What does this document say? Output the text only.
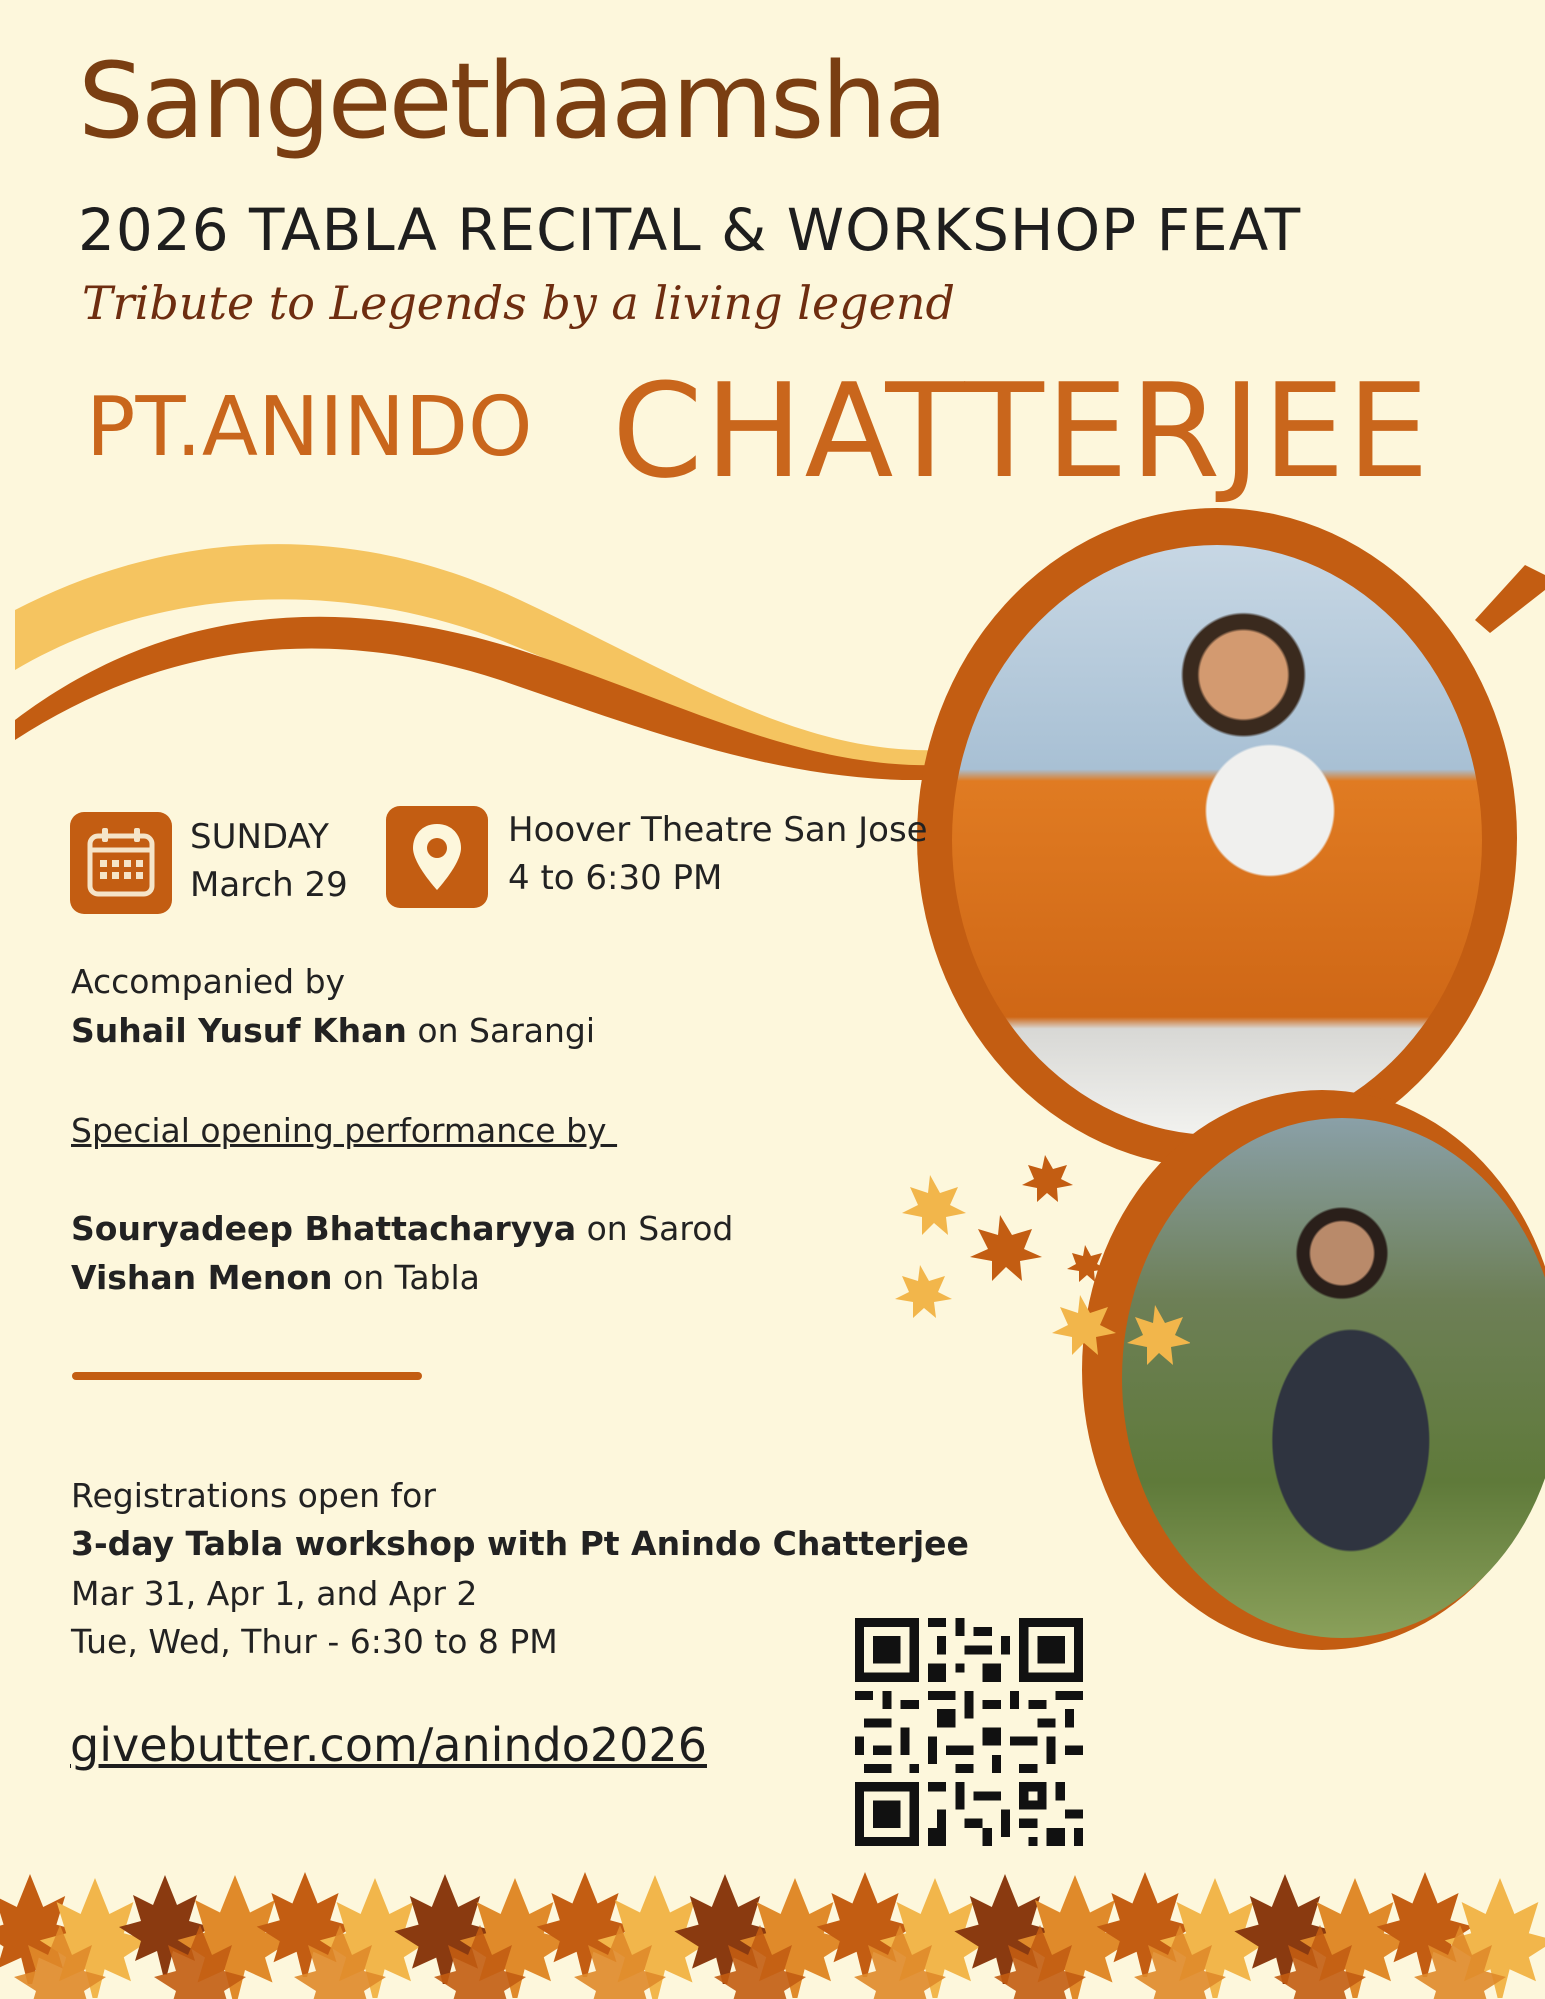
Sangeethaamsha
2026 TABLA RECITAL & WORKSHOP FEAT
Tribute to Legends by a living legend
PT.ANINDO CHATTERJEE
SUNDAY
March 29
Hoover Theatre San Jose
4 to 6:30 PM
Accompanied by
Suhail Yusuf Khan on Sarangi
Special opening performance by
Souryadeep Bhattacharyya on Sarod
Vishan Menon on Tabla
Registrations open for
3-day Tabla workshop with Pt Anindo Chatterjee
Mar 31, Apr 1, and Apr 2
Tue, Wed, Thur - 6:30 to 8 PM
givebutter.com/anindo2026
